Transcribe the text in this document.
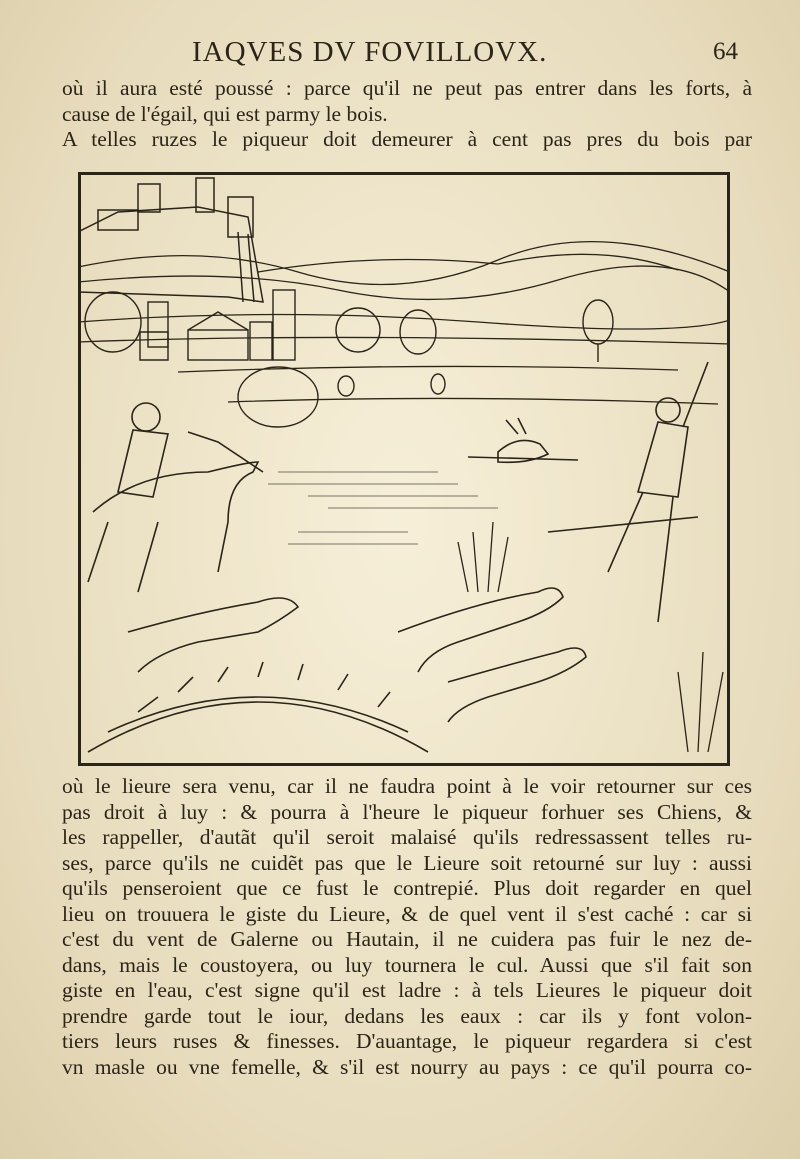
IAQVES DV FOVILLOVX.	64
où il aura esté poussé : parce qu'il ne peut pas entrer dans les forts, à
cause de l'égail, qui est parmy le bois.
A telles ruzes le piqueur doit demeurer à cent pas pres du bois par
où le lieure sera venu, car il ne faudra point à le voir retourner sur ces
pas droit à luy : & pourra à l'heure le piqueur forhuer ses Chiens, &
les rappeller, d'autãt qu'il seroit malaisé qu'ils redressassent telles ru-
ses, parce qu'ils ne cuidẽt pas que le Lieure soit retourné sur luy : aussi
qu'ils penseroient que ce fust le contrepié. Plus doit regarder en quel
lieu on trouuera le giste du Lieure, & de quel vent il s'est caché : car si
c'est du vent de Galerne ou Hautain, il ne cuidera pas fuir le nez de-
dans, mais le coustoyera, ou luy tournera le cul. Aussi que s'il fait son
giste en l'eau, c'est signe qu'il est ladre : à tels Lieures le piqueur doit
prendre garde tout le iour, dedans les eaux : car ils y font volon-
tiers leurs ruses & finesses. D'auantage, le piqueur regardera si c'est
vn masle ou vne femelle, & s'il est nourry au pays : ce qu'il pourra co-
